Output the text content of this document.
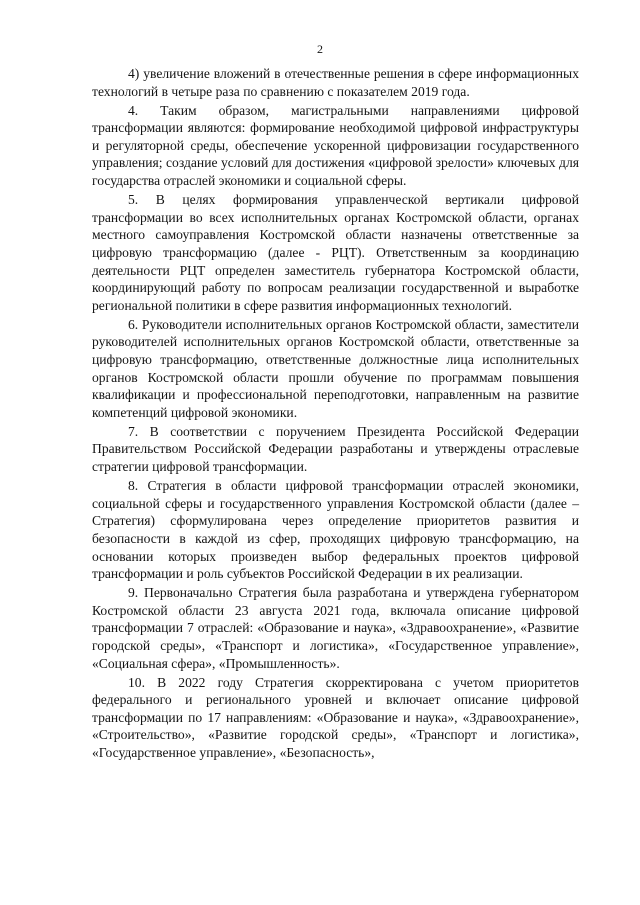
2

4) увеличение вложений в отечественные решения в сфере информационных технологий в четыре раза по сравнению с показателем 2019 года.

4. Таким образом, магистральными направлениями цифровой трансформации являются: формирование необходимой цифровой инфраструктуры и регуляторной среды, обеспечение ускоренной цифровизации государственного управления; создание условий для достижения «цифровой зрелости» ключевых для государства отраслей экономики и социальной сферы.

5. В целях формирования управленческой вертикали цифровой трансформации во всех исполнительных органах Костромской области, органах местного самоуправления Костромской области назначены ответственные за цифровую трансформацию (далее - РЦТ). Ответственным за координацию деятельности РЦТ определен заместитель губернатора Костромской области, координирующий работу по вопросам реализации государственной и выработке региональной политики в сфере развития информационных технологий.

6. Руководители исполнительных органов Костромской области, заместители руководителей исполнительных органов Костромской области, ответственные за цифровую трансформацию, ответственные должностные лица исполнительных органов Костромской области прошли обучение по программам повышения квалификации и профессиональной переподготовки, направленным на развитие компетенций цифровой экономики.

7. В соответствии с поручением Президента Российской Федерации Правительством Российской Федерации разработаны и утверждены отраслевые стратегии цифровой трансформации.

8. Стратегия в области цифровой трансформации отраслей экономики, социальной сферы и государственного управления Костромской области (далее – Стратегия) сформулирована через определение приоритетов развития и безопасности в каждой из сфер, проходящих цифровую трансформацию, на основании которых произведен выбор федеральных проектов цифровой трансформации и роль субъектов Российской Федерации в их реализации.

9. Первоначально Стратегия была разработана и утверждена губернатором Костромской области 23 августа 2021 года, включала описание цифровой трансформации 7 отраслей: «Образование и наука», «Здравоохранение», «Развитие городской среды», «Транспорт и логистика», «Государственное управление», «Социальная сфера», «Промышленность».

10. В 2022 году Стратегия скорректирована с учетом приоритетов федерального и регионального уровней и включает описание цифровой трансформации по 17 направлениям: «Образование и наука», «Здравоохранение», «Строительство», «Развитие городской среды», «Транспорт и логистика», «Государственное управление», «Безопасность»,
